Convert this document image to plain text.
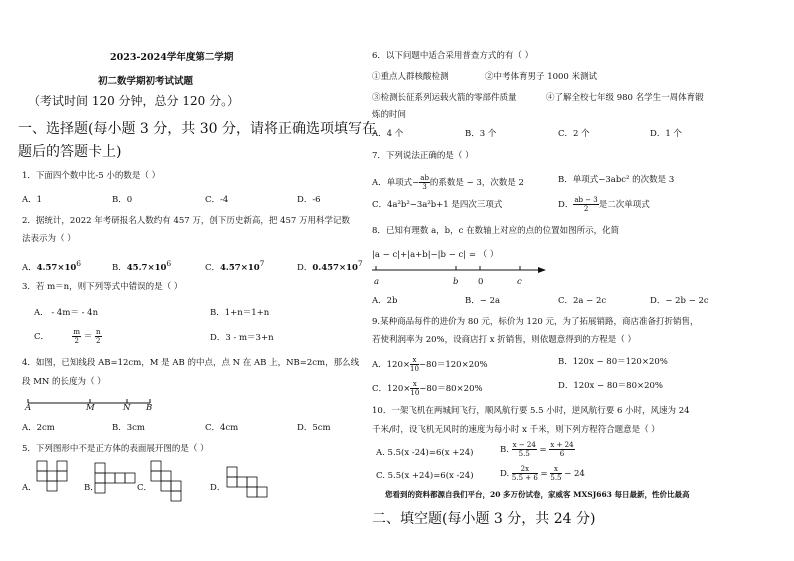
2023-2024学年度第二学期
初二数学期初考试试题
（考试时间 120 分钟，总分 120 分。）
一、选择题(每小题 3 分，共 30 分，请将正确选项填写在
题后的答题卡上)
1．下面四个数中比-5 小的数是（ ）
A．1	B．0	C．-4	D．-6
2．据统计，2022 年考研报名人数约有 457 万，创下历史新高，把 457 万用科学记数
法表示为（ ）
A．$4.57\times 10^6$	B．$45.7\times 10^6$	C．$4.57\times 10^7$	D．$0.457\times 10^7$
3．若 m＝n，则下列等式中错误的是（ ）
A． - 4m＝ - 4n	B．1+n＝1+n
C．	$\frac{m}{2} = \frac{n}{2}$	D．3 - m＝3+n
4．如图，已知线段 AB=12cm，M 是 AB 的中点，点 N 在 AB 上，NB=2cm，那么线
段 MN 的长度为（ ）
A	M	N B
A．2cm	B．3cm	C．4cm	D．5cm
5．下列图形中不是正方体的表面展开图的是（ ）
A．	B．	C．	D．
6．以下问题中适合采用普查方式的有（ ）
①重点人群核酸检测	②中考体育男子 1000 米测试
③检测长征系列运载火箭的零部件质量	④了解全校七年级 980 名学生一周体育锻
炼的时间
A．4 个	B．3 个	C．2 个	D．1 个
7．下列说法正确的是（ ）
A．单项式− $\frac{ab}{3}$ 的系数是 − 3，次数是 2	B．单项式−3abc² 的次数是 3
C．4a²b²−3a²b+1 是四次三项式	D． $\frac{ab - 3}{2}$ 是二次单项式
8．已知有理数 a，b，c 在数轴上对应的点的位置如图所示，化简
|a − c|+|a+b|−|b − c| = （ ）
a	b 0	c
A．2b	B．− 2a	C．2a − 2c	D．− 2b − 2c
9.某种商品每件的进价为 80 元，标价为 120 元，为了拓展销路，商店准备打折销售，
若使利润率为 20%，设商店打 x 折销售，则依题意得到的方程是（ ）
A．$120\times \frac{x}{10} -80=120\times 20\%$	B．120x − 80＝120×20%
C．$120\times \frac{x}{10} -80=80\times 20\%$	D．120x − 80＝80×20%
10．一架飞机在两城间飞行，顺风航行要 5.5 小时，逆风航行要 6 小时，风速为 24
千米/时，设飞机无风时的速度为每小时 x 千米，则下列方程符合题意是（ ）
A. 5.5(x -24)=6(x +24)	B. $\frac{x - 24}{5.5} = \frac{x + 24}{6}$
C. 5.5(x +24)=6(x -24)	D. $\frac{2x}{5.5 + 6} = \frac{x}{5.5} - 24$
您看到的资料都源自我们平台，20 多万份试卷，家威客 MXSJ663 每日最新，性价比最高
二、填空题(每小题 3 分，共 24 分)
